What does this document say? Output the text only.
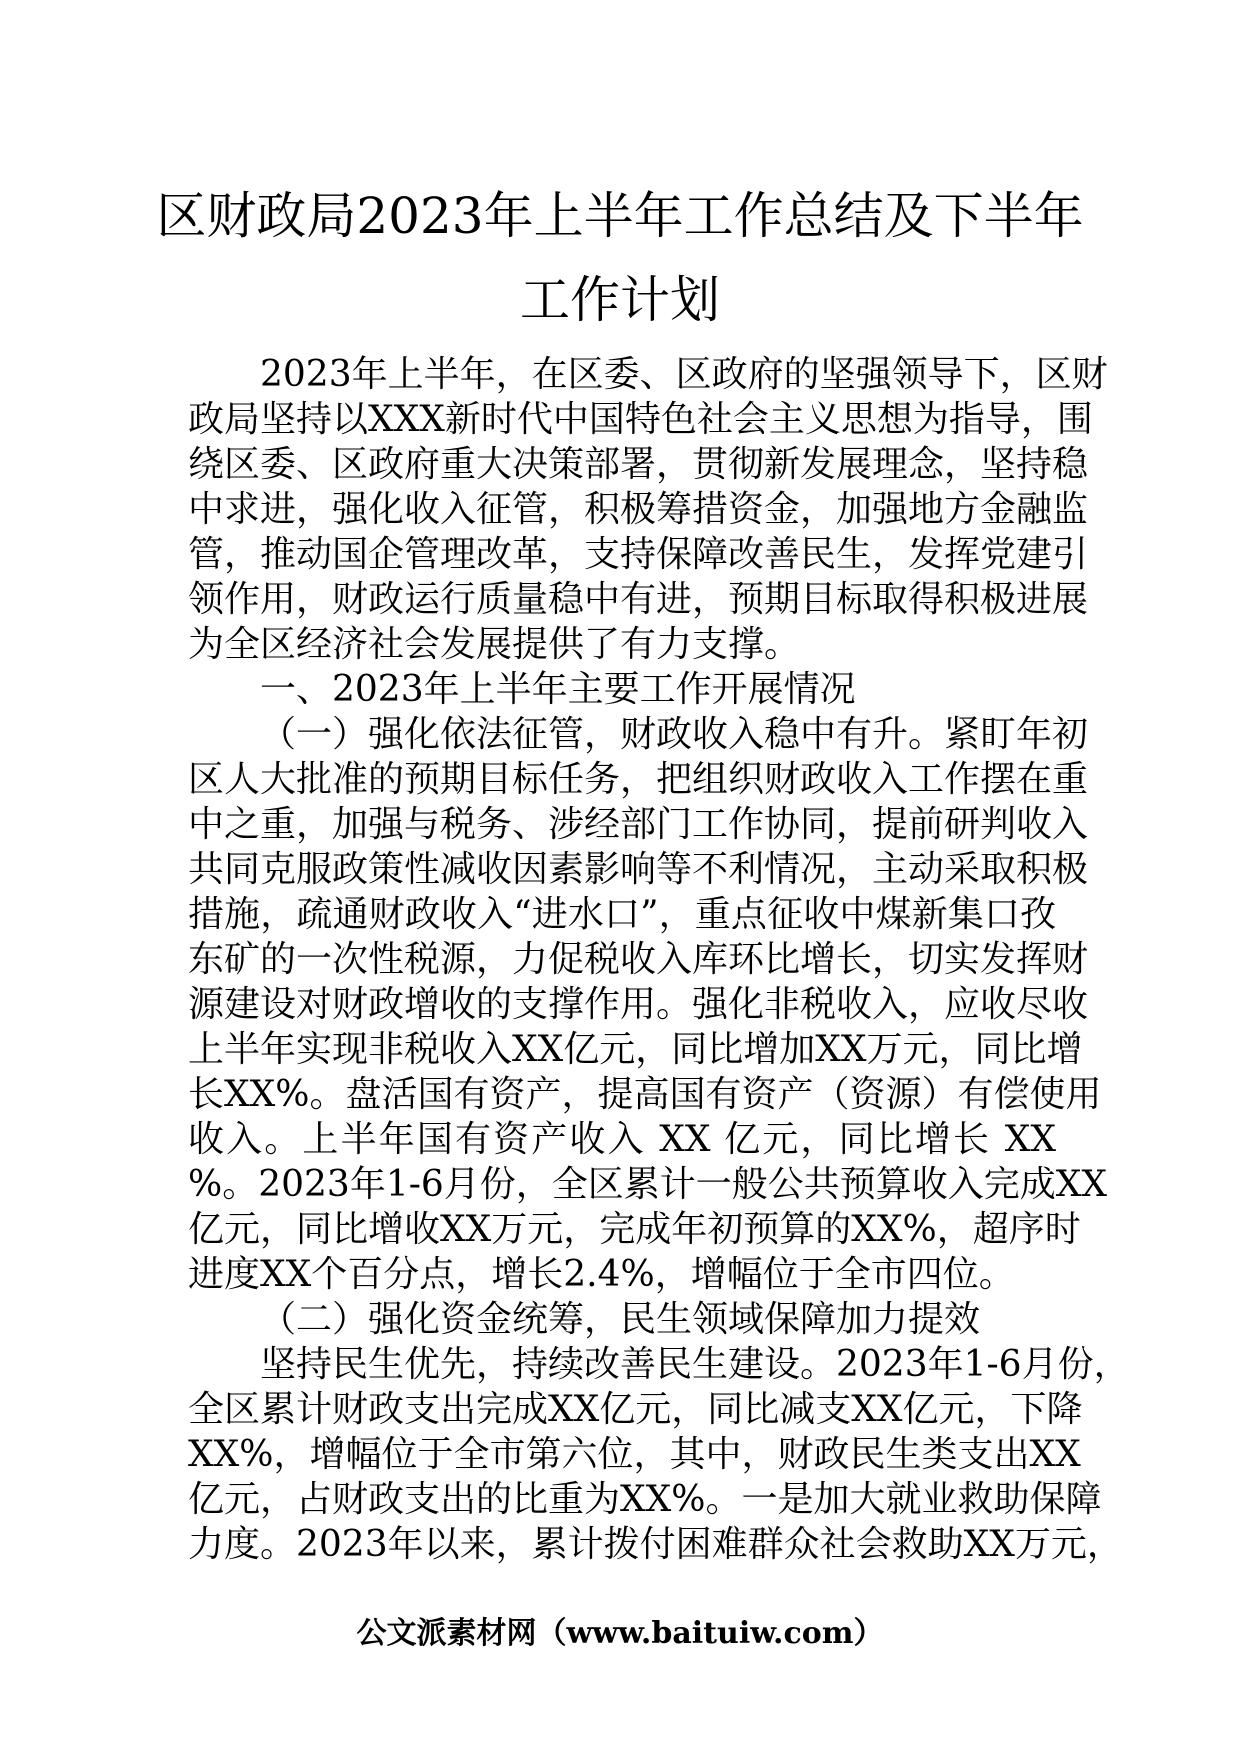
区财政局2023年上半年工作总结及下半年
工作计划
2023年上半年，在区委、区政府的坚强领导下，区财
政局坚持以XXX新时代中国特色社会主义思想为指导，围
绕区委、区政府重大决策部署，贯彻新发展理念，坚持稳
中求进，强化收入征管，积极筹措资金，加强地方金融监
管，推动国企管理改革，支持保障改善民生，发挥党建引
领作用，财政运行质量稳中有进，预期目标取得积极进展
为全区经济社会发展提供了有力支撑。
一、2023年上半年主要工作开展情况
（一）强化依法征管，财政收入稳中有升。紧盯年初
区人大批准的预期目标任务，把组织财政收入工作摆在重
中之重，加强与税务、涉经部门工作协同，提前研判收入
共同克服政策性减收因素影响等不利情况，主动采取积极
措施，疏通财政收入“进水口”，重点征收中煤新集口孜
东矿的一次性税源，力促税收入库环比增长，切实发挥财
源建设对财政增收的支撑作用。强化非税收入，应收尽收
上半年实现非税收入XX亿元，同比增加XX万元，同比增
长XX%。盘活国有资产，提高国有资产（资源）有偿使用
收入。上半年国有资产收入 XX 亿元，同比增长 XX
%。2023年1-6月份，全区累计一般公共预算收入完成XX
亿元，同比增收XX万元，完成年初预算的XX%，超序时
进度XX个百分点，增长2.4%，增幅位于全市四位。
（二）强化资金统筹，民生领域保障加力提效
坚持民生优先，持续改善民生建设。2023年1-6月份，
全区累计财政支出完成XX亿元，同比减支XX亿元，下降
XX%，增幅位于全市第六位，其中，财政民生类支出XX
亿元，占财政支出的比重为XX%。一是加大就业救助保障
力度。2023年以来，累计拨付困难群众社会救助XX万元，
公文派素材网（www.baituiw.com）
